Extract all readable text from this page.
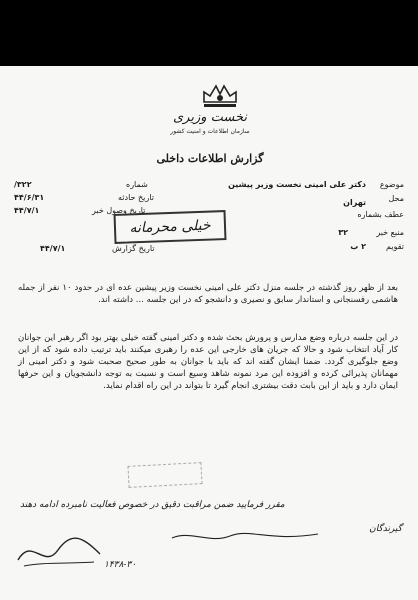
نخست وزیری
سازمان اطلاعات و امنیت کشور
گزارش اطلاعات داخلی
شماره
۳۲۲/
تاریخ حادثه
۴۴/۶/۳۱
تاریخ وصول خبر
۴۴/۷/۱
تاریخ گزارش
۴۴/۷/۱
موضوع
دکتر علی امینی نخست وزیر پیشین
محل
تهران
عطف بشماره
منبع خبر
۳۲
تقویم
۲ ب
خیلی محرمانه

بعد از ظهر روز گذشته در جلسه منزل دکتر علی امینی نخست وزیر پیشین عده ای در حدود ۱۰ نفر از جمله هاشمی رفسنجانی و استاندار سابق و نصیری و دانشجو که در این جلسه ... داشته اند.

در این جلسه درباره وضع مدارس و پرورش بحث شده و دکتر امینی گفته خیلی بهتر بود اگر رهبر این جوانان کار آیاد انتخاب شود و حالا که جریان های خارجی این عده را رهبری میکنند باید ترتیب داده شود که از این وضع جلوگیری گردد. ضمنا ایشان گفته اند که باید با جوانان به طور صحیح صحبت شود و دکتر امینی از مهمانان پذیرائی کرده و افزوده این مرد نمونه شاهد وسیع است و نسبت به توجه دانشجویان و این حرفها ایمان دارد و باید از این بابت دقت بیشتری انجام گیرد تا بتواند در این راه اقدام نماید.

مقرر فرمایید ضمن مراقبت دقیق در خصوص فعالیت نامبرده ادامه دهند
گیرندگان
۱۴۳۸-۳۰
